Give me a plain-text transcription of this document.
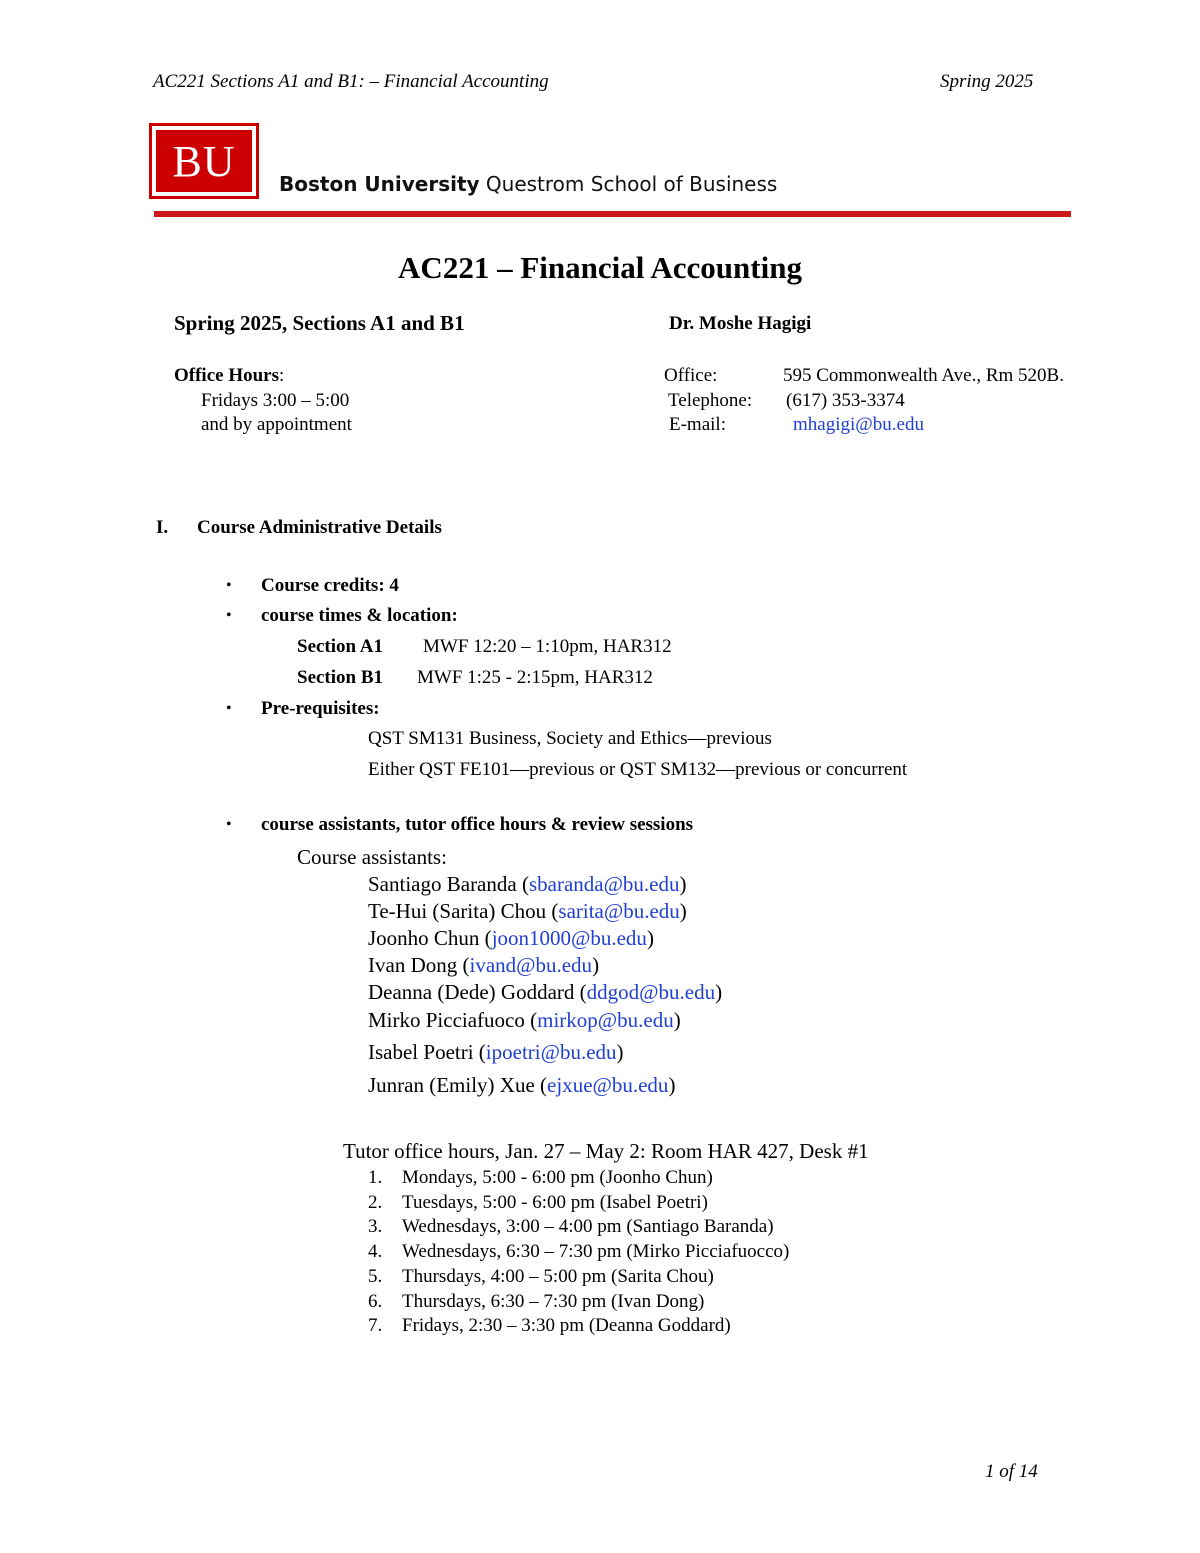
AC221 Sections A1 and B1: – Financial Accounting	Spring 2025
BU	Boston University Questrom School of Business
AC221 – Financial Accounting
Spring 2025, Sections A1 and B1	Dr. Moshe Hagigi
Office Hours:
Fridays 3:00 – 5:00
and by appointment
Office:	595 Commonwealth Ave., Rm 520B.
Telephone: (617) 353-3374
E-mail:	mhagigi@bu.edu
I. Course Administrative Details
• Course credits: 4
• course times & location:
Section A1 MWF 12:20 – 1:10pm, HAR312
Section B1 MWF 1:25 - 2:15pm, HAR312
• Pre-requisites:
QST SM131 Business, Society and Ethics—previous
Either QST FE101—previous or QST SM132—previous or concurrent
• course assistants, tutor office hours & review sessions
Course assistants:
Santiago Baranda (sbaranda@bu.edu)
Te-Hui (Sarita) Chou (sarita@bu.edu)
Joonho Chun (joon1000@bu.edu)
Ivan Dong (ivand@bu.edu)
Deanna (Dede) Goddard (ddgod@bu.edu)
Mirko Picciafuoco (mirkop@bu.edu)
Isabel Poetri (ipoetri@bu.edu)
Junran (Emily) Xue (ejxue@bu.edu)
Tutor office hours, Jan. 27 – May 2: Room HAR 427, Desk #1
1. Mondays, 5:00 - 6:00 pm (Joonho Chun)
2. Tuesdays, 5:00 - 6:00 pm (Isabel Poetri)
3. Wednesdays, 3:00 – 4:00 pm (Santiago Baranda)
4. Wednesdays, 6:30 – 7:30 pm (Mirko Picciafuocco)
5. Thursdays, 4:00 – 5:00 pm (Sarita Chou)
6. Thursdays, 6:30 – 7:30 pm (Ivan Dong)
7. Fridays, 2:30 – 3:30 pm (Deanna Goddard)
1 of 14
